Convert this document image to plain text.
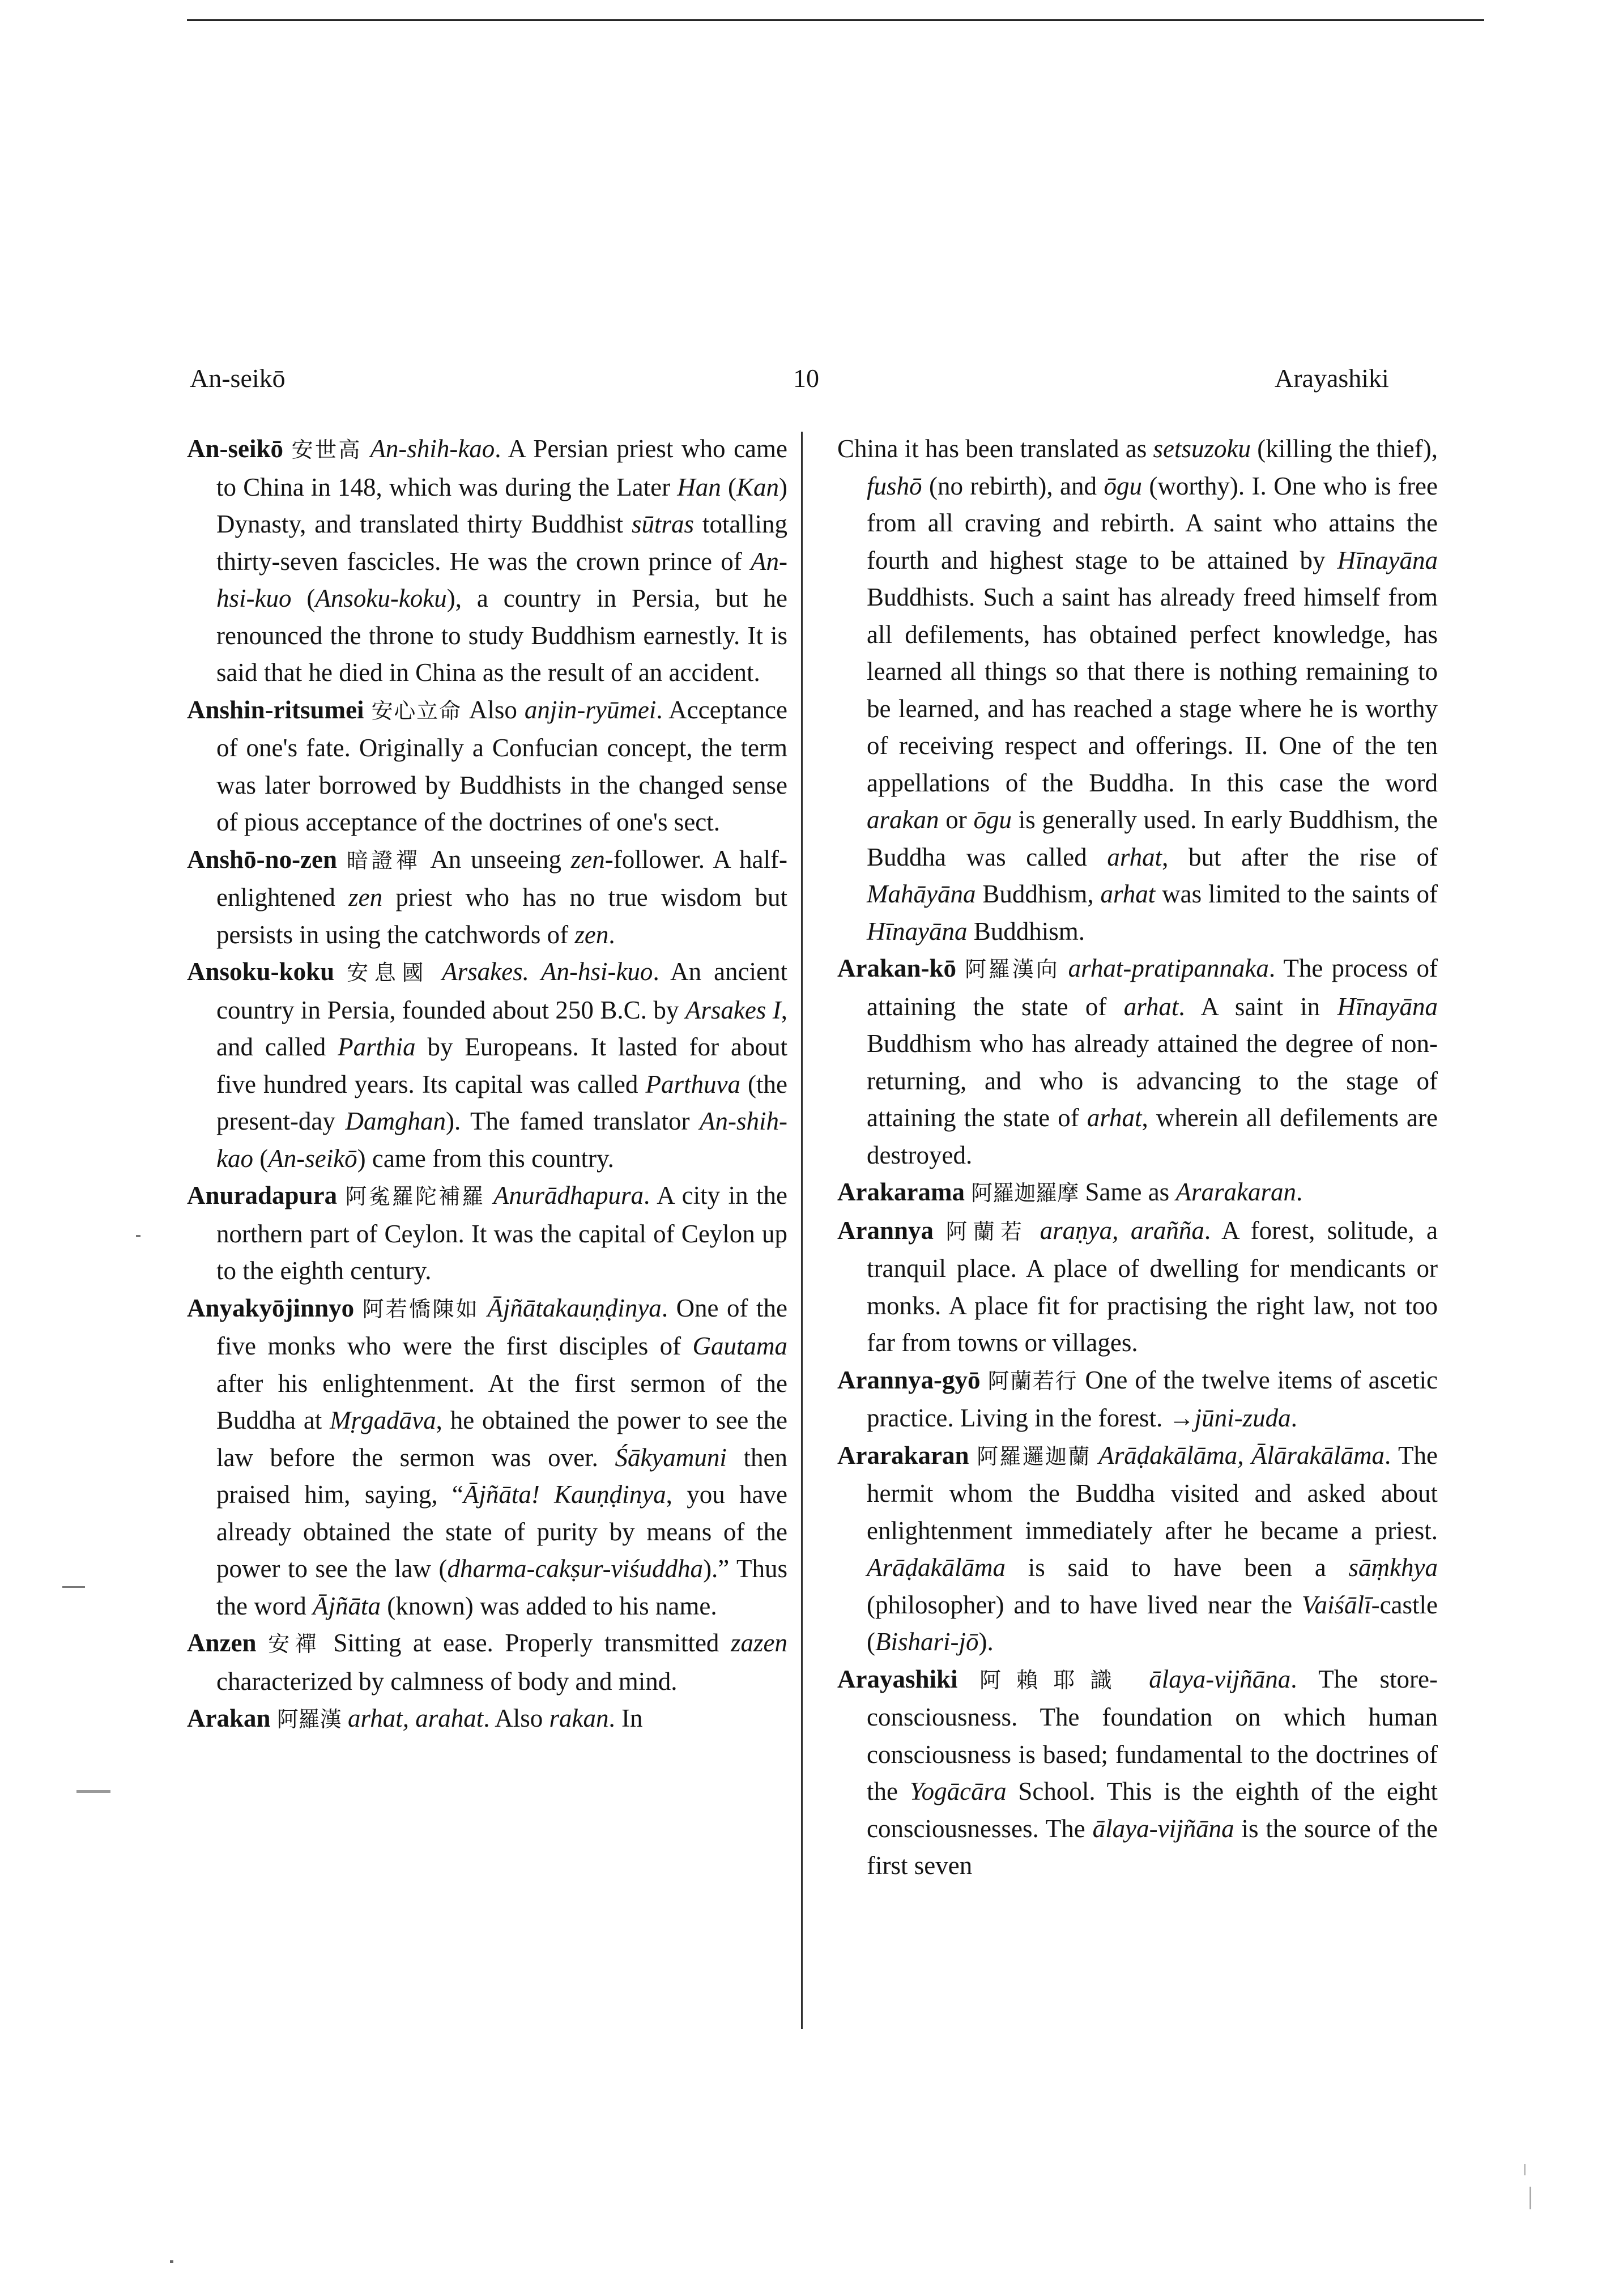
An-seikō	10	Arayashiki

An-seikō 安世高 An-shih-kao. A Persian priest who came to China in 148, which was during the Later Han (Kan) Dynasty, and translated thirty Buddhist sūtras totalling thirty-seven fascicles. He was the crown prince of An-hsi-kuo (Ansoku-koku), a country in Persia, but he renounced the throne to study Buddhism earnestly. It is said that he died in China as the result of an accident.

Anshin-ritsumei 安心立命 Also anjin-ryūmei. Acceptance of one's fate. Originally a Confucian concept, the term was later borrowed by Buddhists in the changed sense of pious acceptance of the doctrines of one's sect.

Anshō-no-zen 暗證禪 An unseeing zen-follower. A half-enlightened zen priest who has no true wisdom but persists in using the catchwords of zen.

Ansoku-koku 安息國 Arsakes. An-hsi-kuo. An ancient country in Persia, founded about 250 B.C. by Arsakes I, and called Parthia by Europeans. It lasted for about five hundred years. Its capital was called Parthuva (the present-day Damghan). The famed translator An-shih-kao (An-seikō) came from this country.

Anuradapura 阿㝹羅陀補羅 Anurādhapura. A city in the northern part of Ceylon. It was the capital of Ceylon up to the eighth century.

Anyakyōjinnyo 阿若憍陳如 Ājñātakauṇḍinya. One of the five monks who were the first disciples of Gautama after his enlightenment. At the first sermon of the Buddha at Mṛgadāva, he obtained the power to see the law before the sermon was over. Śākyamuni then praised him, saying, “Ājñāta! Kauṇḍinya, you have already obtained the state of purity by means of the power to see the law (dharma-cakṣur-viśuddha).” Thus the word Ājñāta (known) was added to his name.

Anzen 安禪 Sitting at ease. Properly transmitted zazen characterized by calmness of body and mind.

Arakan 阿羅漢 arhat, arahat. Also rakan. In

China it has been translated as setsuzoku (killing the thief), fushō (no rebirth), and ōgu (worthy). I. One who is free from all craving and rebirth. A saint who attains the fourth and highest stage to be attained by Hīnayāna Buddhists. Such a saint has already freed himself from all defilements, has obtained perfect knowledge, has learned all things so that there is nothing remaining to be learned, and has reached a stage where he is worthy of receiving respect and offerings. II. One of the ten appellations of the Buddha. In this case the word arakan or ōgu is generally used. In early Buddhism, the Buddha was called arhat, but after the rise of Mahāyāna Buddhism, arhat was limited to the saints of Hīnayāna Buddhism.

Arakan-kō 阿羅漢向 arhat-pratipannaka. The process of attaining the state of arhat. A saint in Hīnayāna Buddhism who has already attained the degree of non-returning, and who is advancing to the stage of attaining the state of arhat, wherein all defilements are destroyed.

Arakarama 阿羅迦羅摩 Same as Ararakaran.

Arannya 阿蘭若 araṇya, arañña. A forest, solitude, a tranquil place. A place of dwelling for mendicants or monks. A place fit for practising the right law, not too far from towns or villages.

Arannya-gyō 阿蘭若行 One of the twelve items of ascetic practice. Living in the forest. →jūni-zuda.

Ararakaran 阿羅邏迦蘭 Arāḍakālāma, Ālārakālāma. The hermit whom the Buddha visited and asked about enlightenment immediately after he became a priest. Arāḍakālāma is said to have been a sāṃkhya (philosopher) and to have lived near the Vaiśālī-castle (Bishari-jō).

Arayashiki 阿賴耶識 ālaya-vijñāna. The store-consciousness. The foundation on which human consciousness is based; fundamental to the doctrines of the Yogācāra School. This is the eighth of the eight consciousnesses. The ālaya-vijñāna is the source of the first seven
